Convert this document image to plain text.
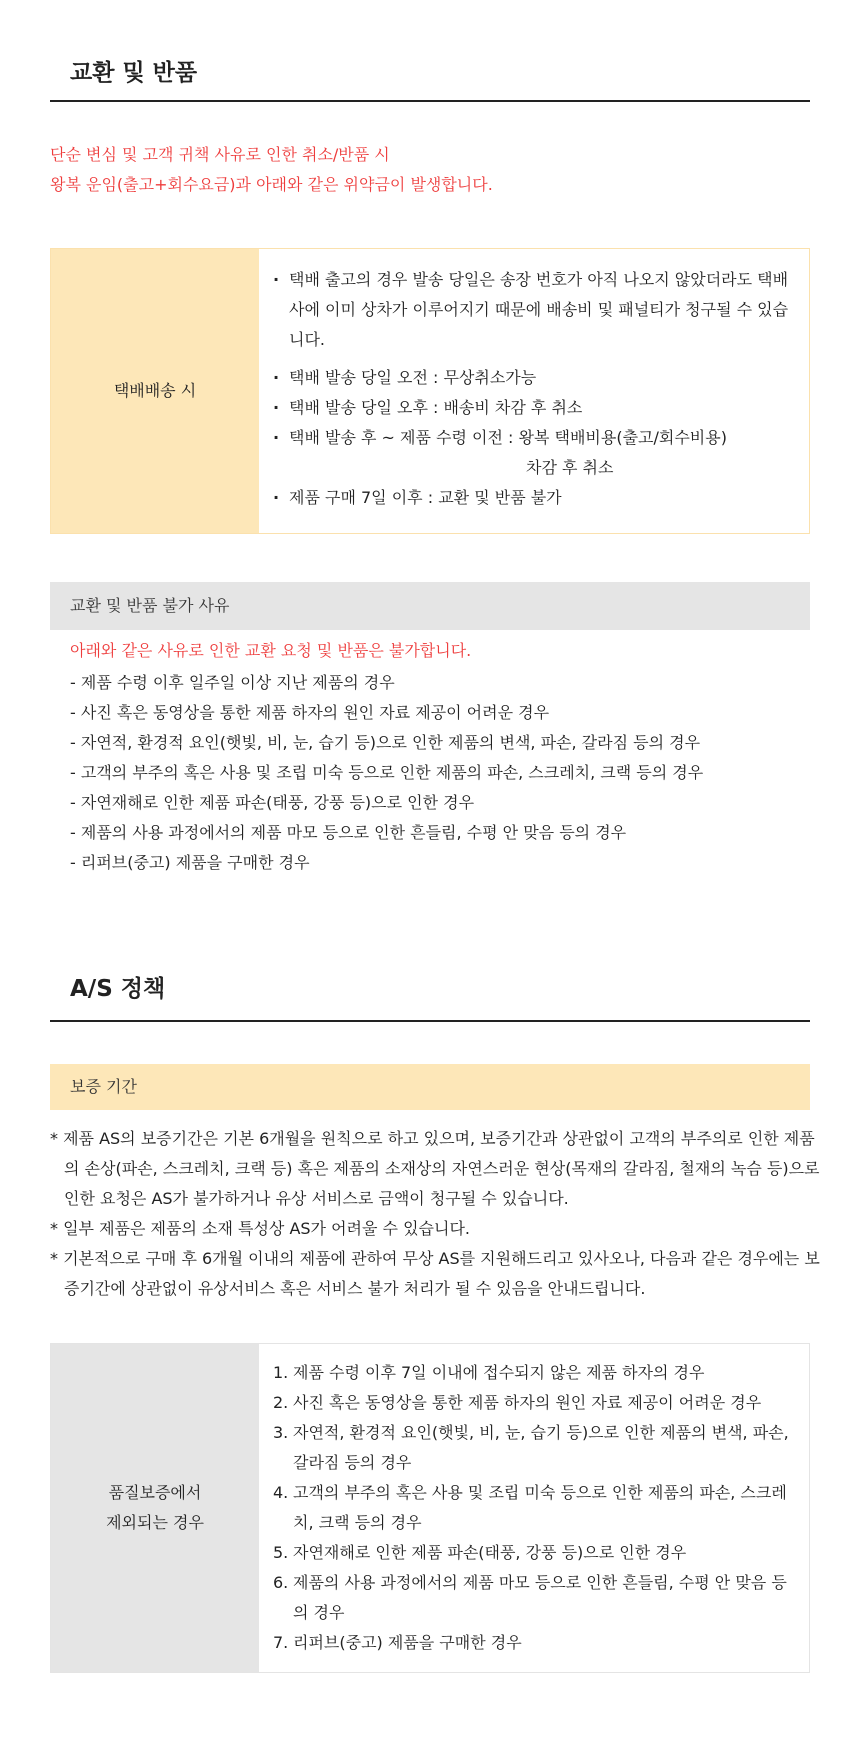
교환 및 반품

단순 변심 및 고객 귀책 사유로 인한 취소/반품 시

왕복 운임(출고+회수요금)과 아래와 같은 위약금이 발생합니다.

택배배송 시
· 택배 출고의 경우 발송 당일은 송장 번호가 아직 나오지 않았더라도 택배사에 이미 상차가 이루어지기 때문에 배송비 및 패널티가 청구될 수 있습니다.
· 택배 발송 당일 오전 : 무상취소가능
· 택배 발송 당일 오후 : 배송비 차감 후 취소
· 택배 발송 후 ~ 제품 수령 이전 : 왕복 택배비용(출고/회수비용)
차감 후 취소
· 제품 구매 7일 이후 : 교환 및 반품 불가
교환 및 반품 불가 사유

아래와 같은 사유로 인한 교환 요청 및 반품은 불가합니다.

- 제품 수령 이후 일주일 이상 지난 제품의 경우
- 사진 혹은 동영상을 통한 제품 하자의 원인 자료 제공이 어려운 경우
- 자연적, 환경적 요인(햇빛, 비, 눈, 습기 등)으로 인한 제품의 변색, 파손, 갈라짐 등의 경우
- 고객의 부주의 혹은 사용 및 조립 미숙 등으로 인한 제품의 파손, 스크레치, 크랙 등의 경우
- 자연재해로 인한 제품 파손(태풍, 강풍 등)으로 인한 경우
- 제품의 사용 과정에서의 제품 마모 등으로 인한 흔들림, 수평 안 맞음 등의 경우
- 리퍼브(중고) 제품을 구매한 경우
A/S 정책
보증 기간

* 제품 AS의 보증기간은 기본 6개월을 원칙으로 하고 있으며, 보증기간과 상관없이 고객의 부주의로 인한 제품의 손상(파손, 스크레치, 크랙 등) 혹은 제품의 소재상의 자연스러운 현상(목재의 갈라짐, 철재의 녹슴 등)으로 인한 요청은 AS가 불가하거나 유상 서비스로 금액이 청구될 수 있습니다.

* 일부 제품은 제품의 소재 특성상 AS가 어려울 수 있습니다.

* 기본적으로 구매 후 6개월 이내의 제품에 관하여 무상 AS를 지원해드리고 있사오나, 다음과 같은 경우에는 보증기간에 상관없이 유상서비스 혹은 서비스 불가 처리가 될 수 있음을 안내드립니다.

품질보증에서
제외되는 경우
1. 제품 수령 이후 7일 이내에 접수되지 않은 제품 하자의 경우
2. 사진 혹은 동영상을 통한 제품 하자의 원인 자료 제공이 어려운 경우
3. 자연적, 환경적 요인(햇빛, 비, 눈, 습기 등)으로 인한 제품의 변색, 파손, 갈라짐 등의 경우
4. 고객의 부주의 혹은 사용 및 조립 미숙 등으로 인한 제품의 파손, 스크레치, 크랙 등의 경우
5. 자연재해로 인한 제품 파손(태풍, 강풍 등)으로 인한 경우
6. 제품의 사용 과정에서의 제품 마모 등으로 인한 흔들림, 수평 안 맞음 등의 경우
7. 리퍼브(중고) 제품을 구매한 경우
